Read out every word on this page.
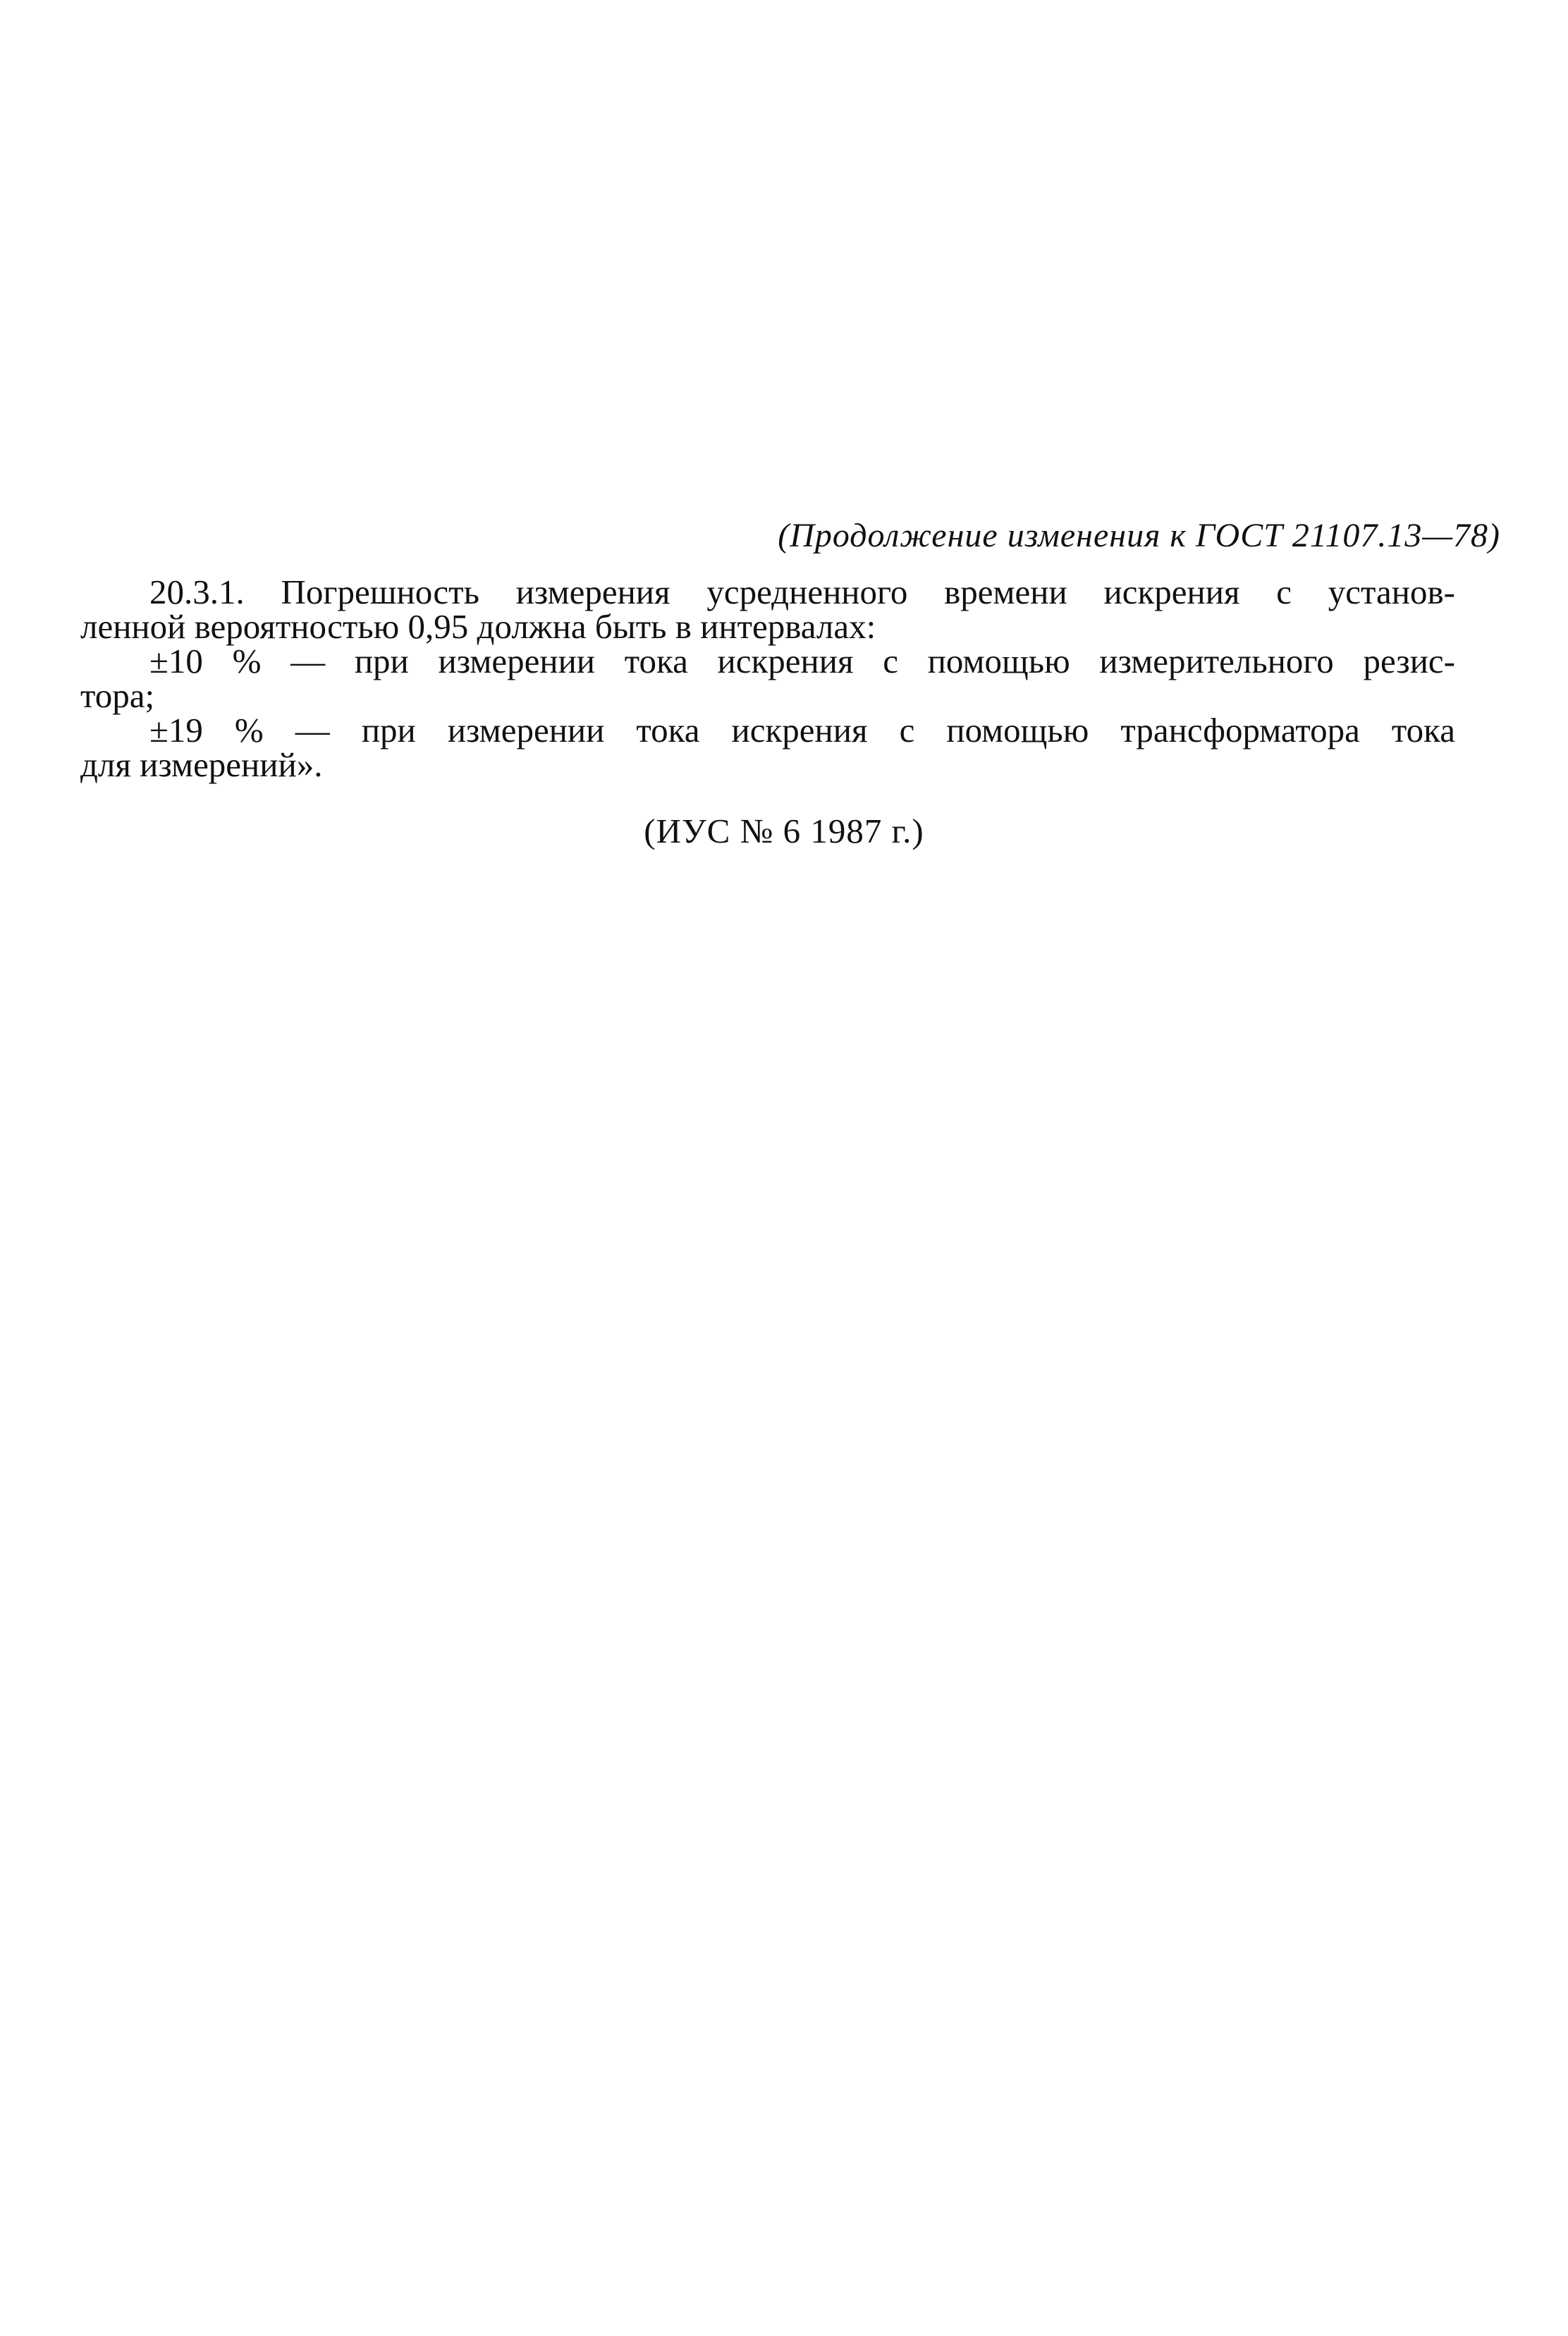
(Продолжение изменения к ГОСТ 21107.13—78)
20.3.1. Погрешность измерения усредненного времени искрения с установ-
ленной вероятностью 0,95 должна быть в интервалах:
±10 % — при измерении тока искрения с помощью измерительного резис-
тора;
±19 % — при измерении тока искрения с помощью трансформатора тока
для измерений».
(ИУС № 6 1987 г.)
